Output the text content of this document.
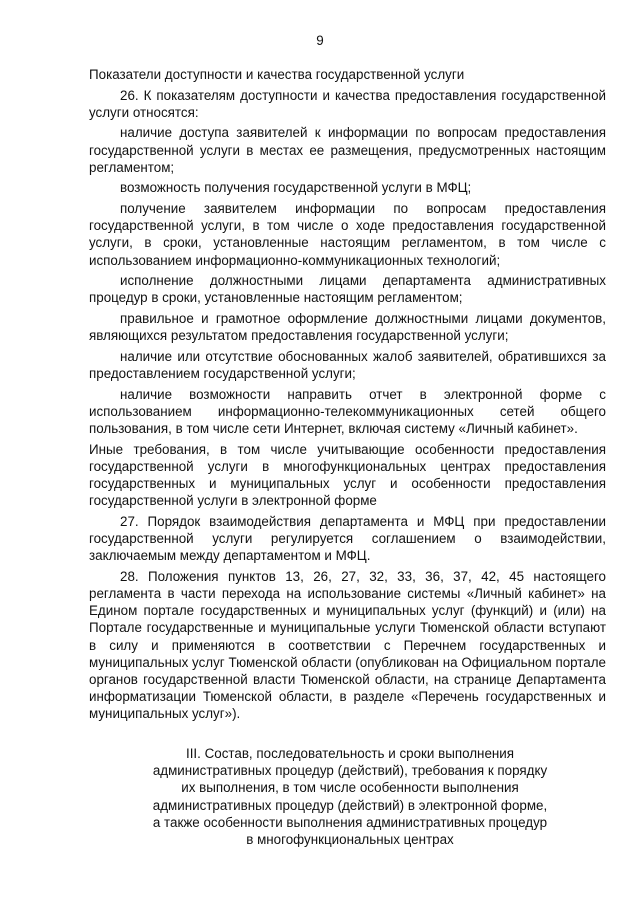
9

Показатели доступности и качества государственной услуги

26. К показателям доступности и качества предоставления государственной услуги относятся:

наличие доступа заявителей к информации по вопросам предоставления государственной услуги в местах ее размещения, предусмотренных настоящим регламентом;

возможность получения государственной услуги в МФЦ;

получение заявителем информации по вопросам предоставления государственной услуги, в том числе о ходе предоставления государственной услуги, в сроки, установленные настоящим регламентом, в том числе с использованием информационно-коммуникационных технологий;

исполнение должностными лицами департамента административных процедур в сроки, установленные настоящим регламентом;

правильное и грамотное оформление должностными лицами документов, являющихся результатом предоставления государственной услуги;

наличие или отсутствие обоснованных жалоб заявителей, обратившихся за предоставлением государственной услуги;

наличие возможности направить отчет в электронной форме с использованием информационно-телекоммуникационных сетей общего пользования, в том числе сети Интернет, включая систему «Личный кабинет».

Иные требования, в том числе учитывающие особенности предоставления государственной услуги в многофункциональных центрах предоставления государственных и муниципальных услуг и особенности предоставления государственной услуги в электронной форме

27. Порядок взаимодействия департамента и МФЦ при предоставлении государственной услуги регулируется соглашением о взаимодействии, заключаемым между департаментом и МФЦ.

28. Положения пунктов 13, 26, 27, 32, 33, 36, 37, 42, 45 настоящего регламента в части перехода на использование системы «Личный кабинет» на Едином портале государственных и муниципальных услуг (функций) и (или) на Портале государственные и муниципальные услуги Тюменской области вступают в силу и применяются в соответствии с Перечнем государственных и муниципальных услуг Тюменской области (опубликован на Официальном портале органов государственной власти Тюменской области, на странице Департамента информатизации Тюменской области, в разделе «Перечень государственных и муниципальных услуг»).

III. Состав, последовательность и сроки выполнения
административных процедур (действий), требования к порядку
их выполнения, в том числе особенности выполнения
административных процедур (действий) в электронной форме,
а также особенности выполнения административных процедур
в многофункциональных центрах
